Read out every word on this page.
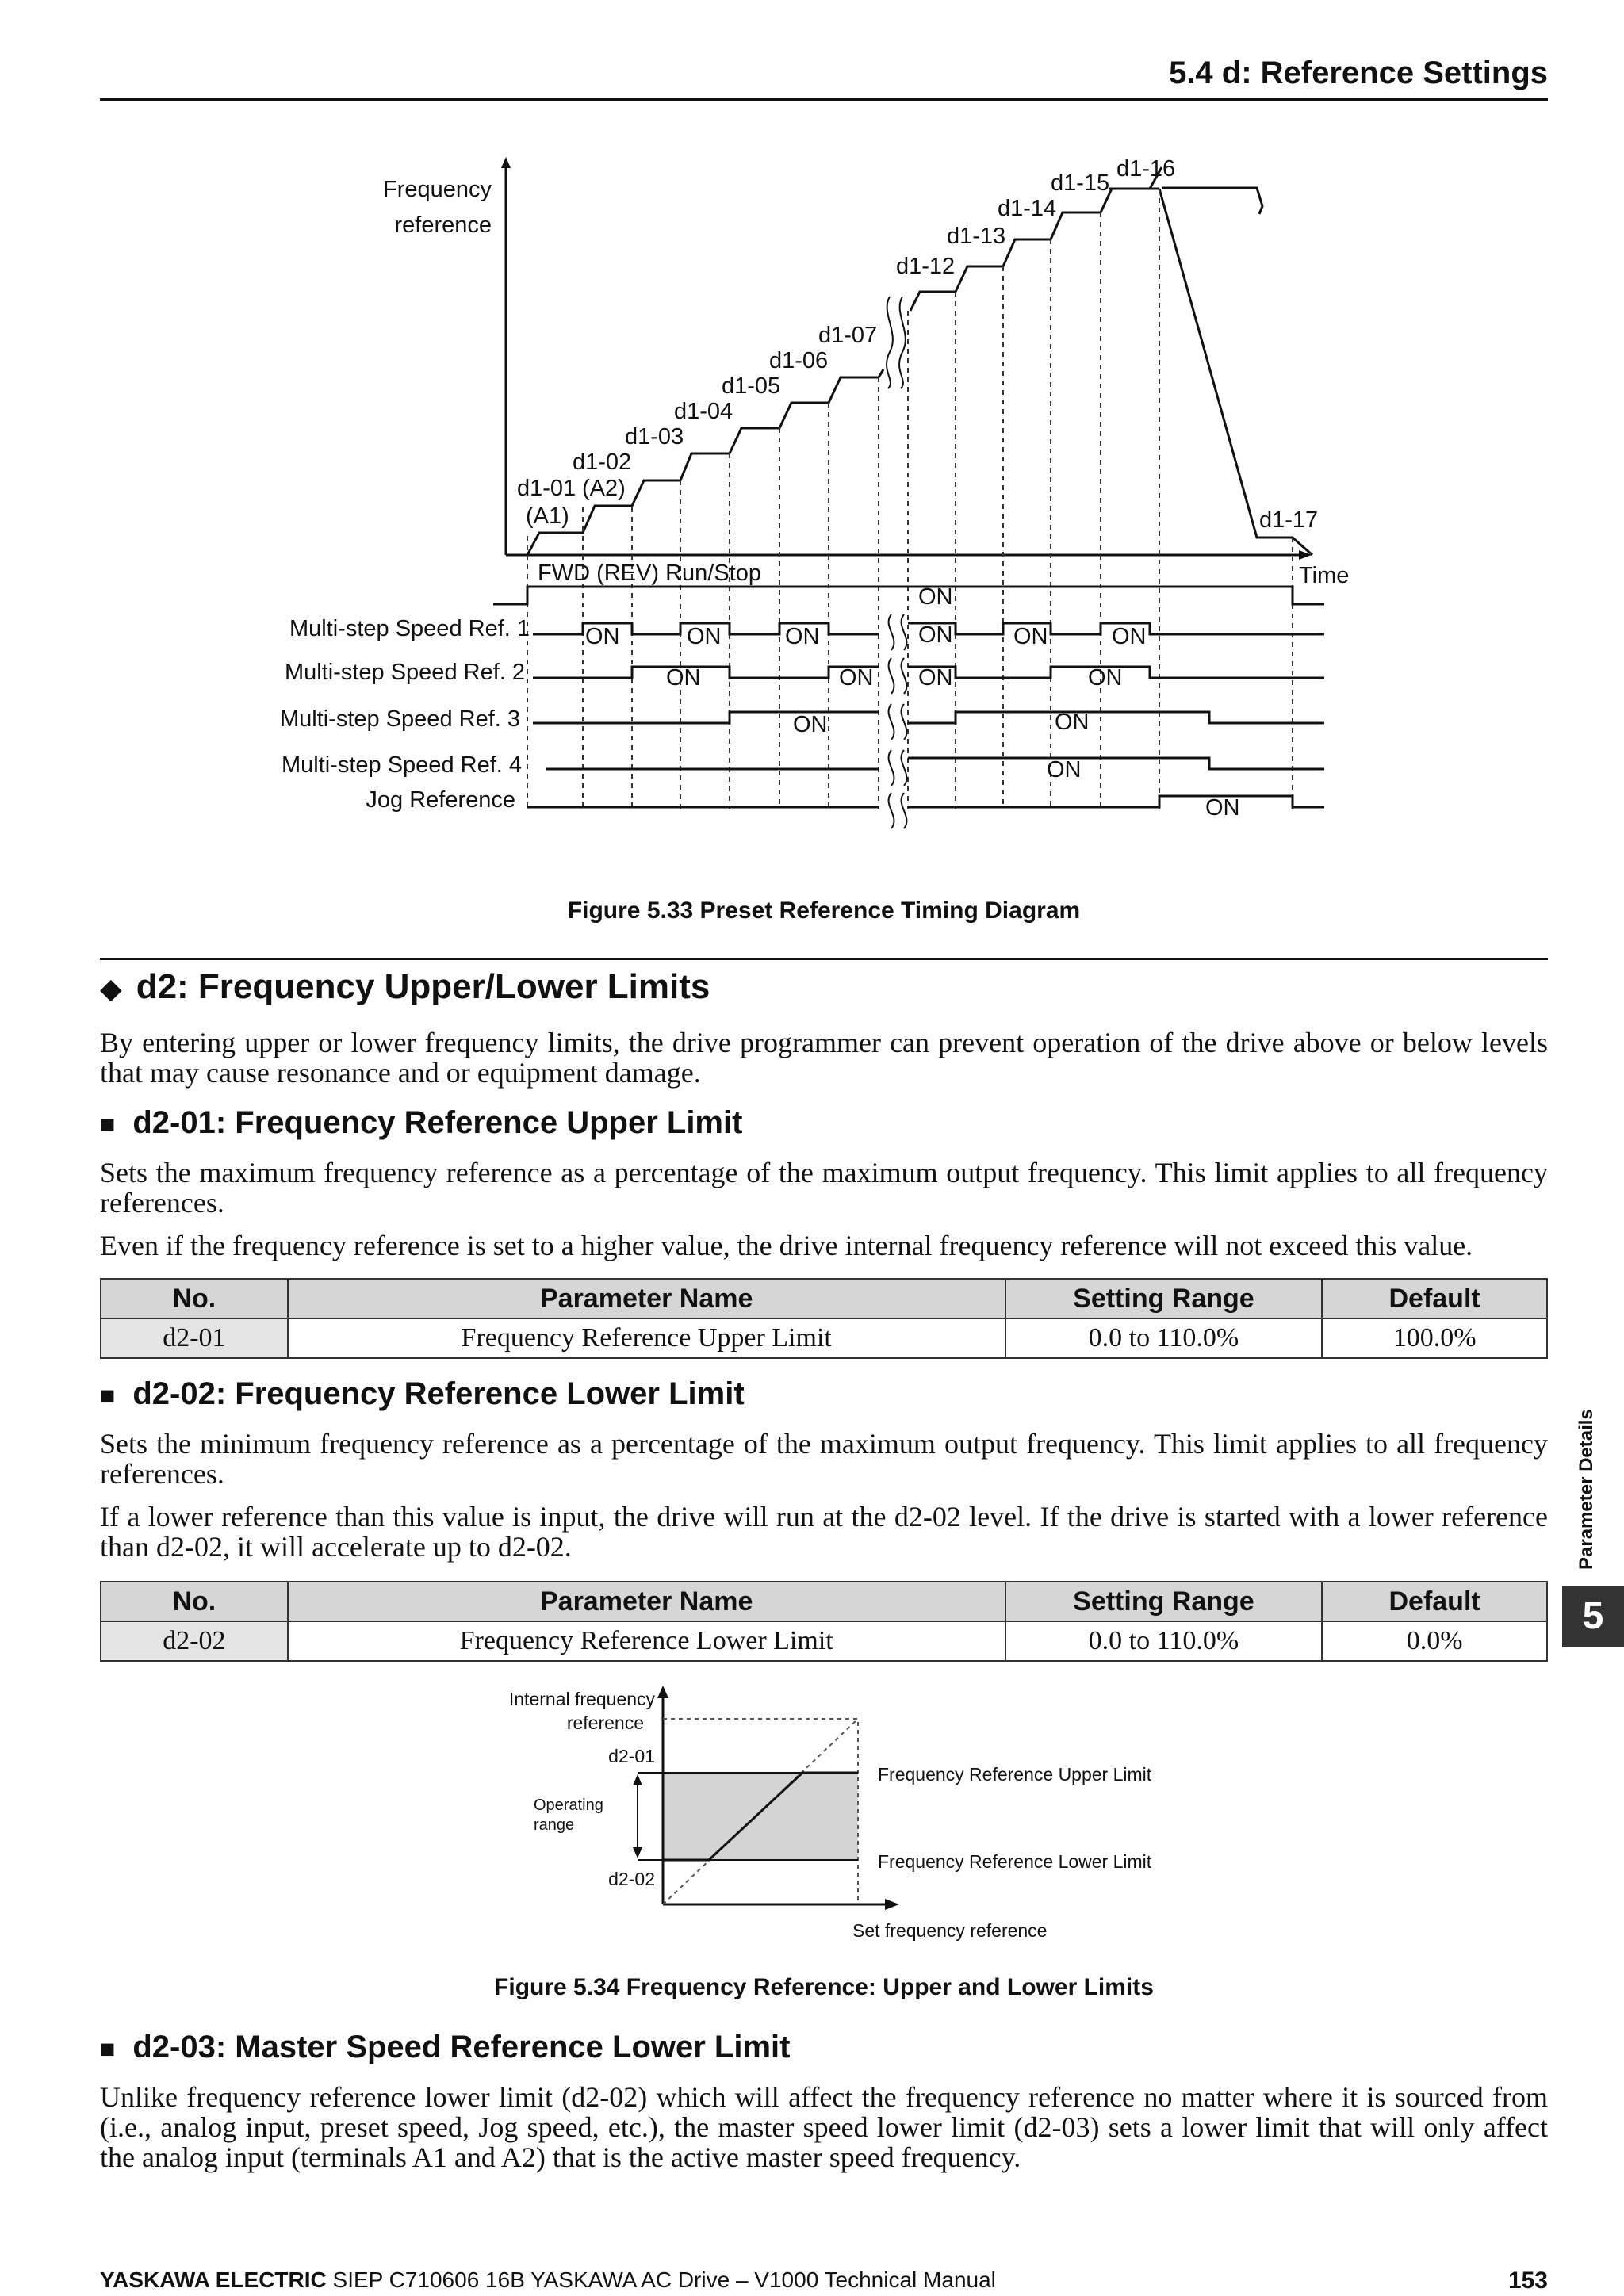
5.4 d: Reference Settings
Frequency
reference
Time
d1-01
(A1)
d1-02
(A2)
d1-03
d1-04
d1-05
d1-06
d1-07
d1-12
d1-13
d1-14
d1-15
d1-16
d1-17
FWD (REV) Run/Stop
ON
Multi-step Speed Ref. 1
Multi-step Speed Ref. 2
Multi-step Speed Ref. 3
Multi-step Speed Ref. 4
Jog Reference
ON	ON	ON	ON	ON	ON
ON	ON ON	ON
ON	ON
ON
ON
Figure 5.33 Preset Reference Timing Diagram
◆ d2: Frequency Upper/Lower Limits
By entering upper or lower frequency limits, the drive programmer can prevent operation of the drive above or below levels that may cause resonance and or equipment damage.
■ d2-01: Frequency Reference Upper Limit
Sets the maximum frequency reference as a percentage of the maximum output frequency. This limit applies to all frequency references.
Even if the frequency reference is set to a higher value, the drive internal frequency reference will not exceed this value.
No.	Parameter Name	Setting Range	Default
d2-01	Frequency Reference Upper Limit	0.0 to 110.0%	100.0%
■ d2-02: Frequency Reference Lower Limit
Sets the minimum frequency reference as a percentage of the maximum output frequency. This limit applies to all frequency references.
If a lower reference than this value is input, the drive will run at the d2-02 level. If the drive is started with a lower reference than d2-02, it will accelerate up to d2-02.
No.	Parameter Name	Setting Range	Default
d2-02	Frequency Reference Lower Limit	0.0 to 110.0%	0.0%
Internal frequency
reference
d2-01
d2-02
Operating
range
Frequency Reference Upper Limit
Frequency Reference Lower Limit
Set frequency reference
Figure 5.34 Frequency Reference: Upper and Lower Limits
■ d2-03: Master Speed Reference Lower Limit
Unlike frequency reference lower limit (d2-02) which will affect the frequency reference no matter where it is sourced from (i.e., analog input, preset speed, Jog speed, etc.), the master speed lower limit (d2-03) sets a lower limit that will only affect the analog input (terminals A1 and A2) that is the active master speed frequency.
Parameter Details
5
YASKAWA ELECTRIC SIEP C710606 16B YASKAWA AC Drive – V1000 Technical Manual	153
